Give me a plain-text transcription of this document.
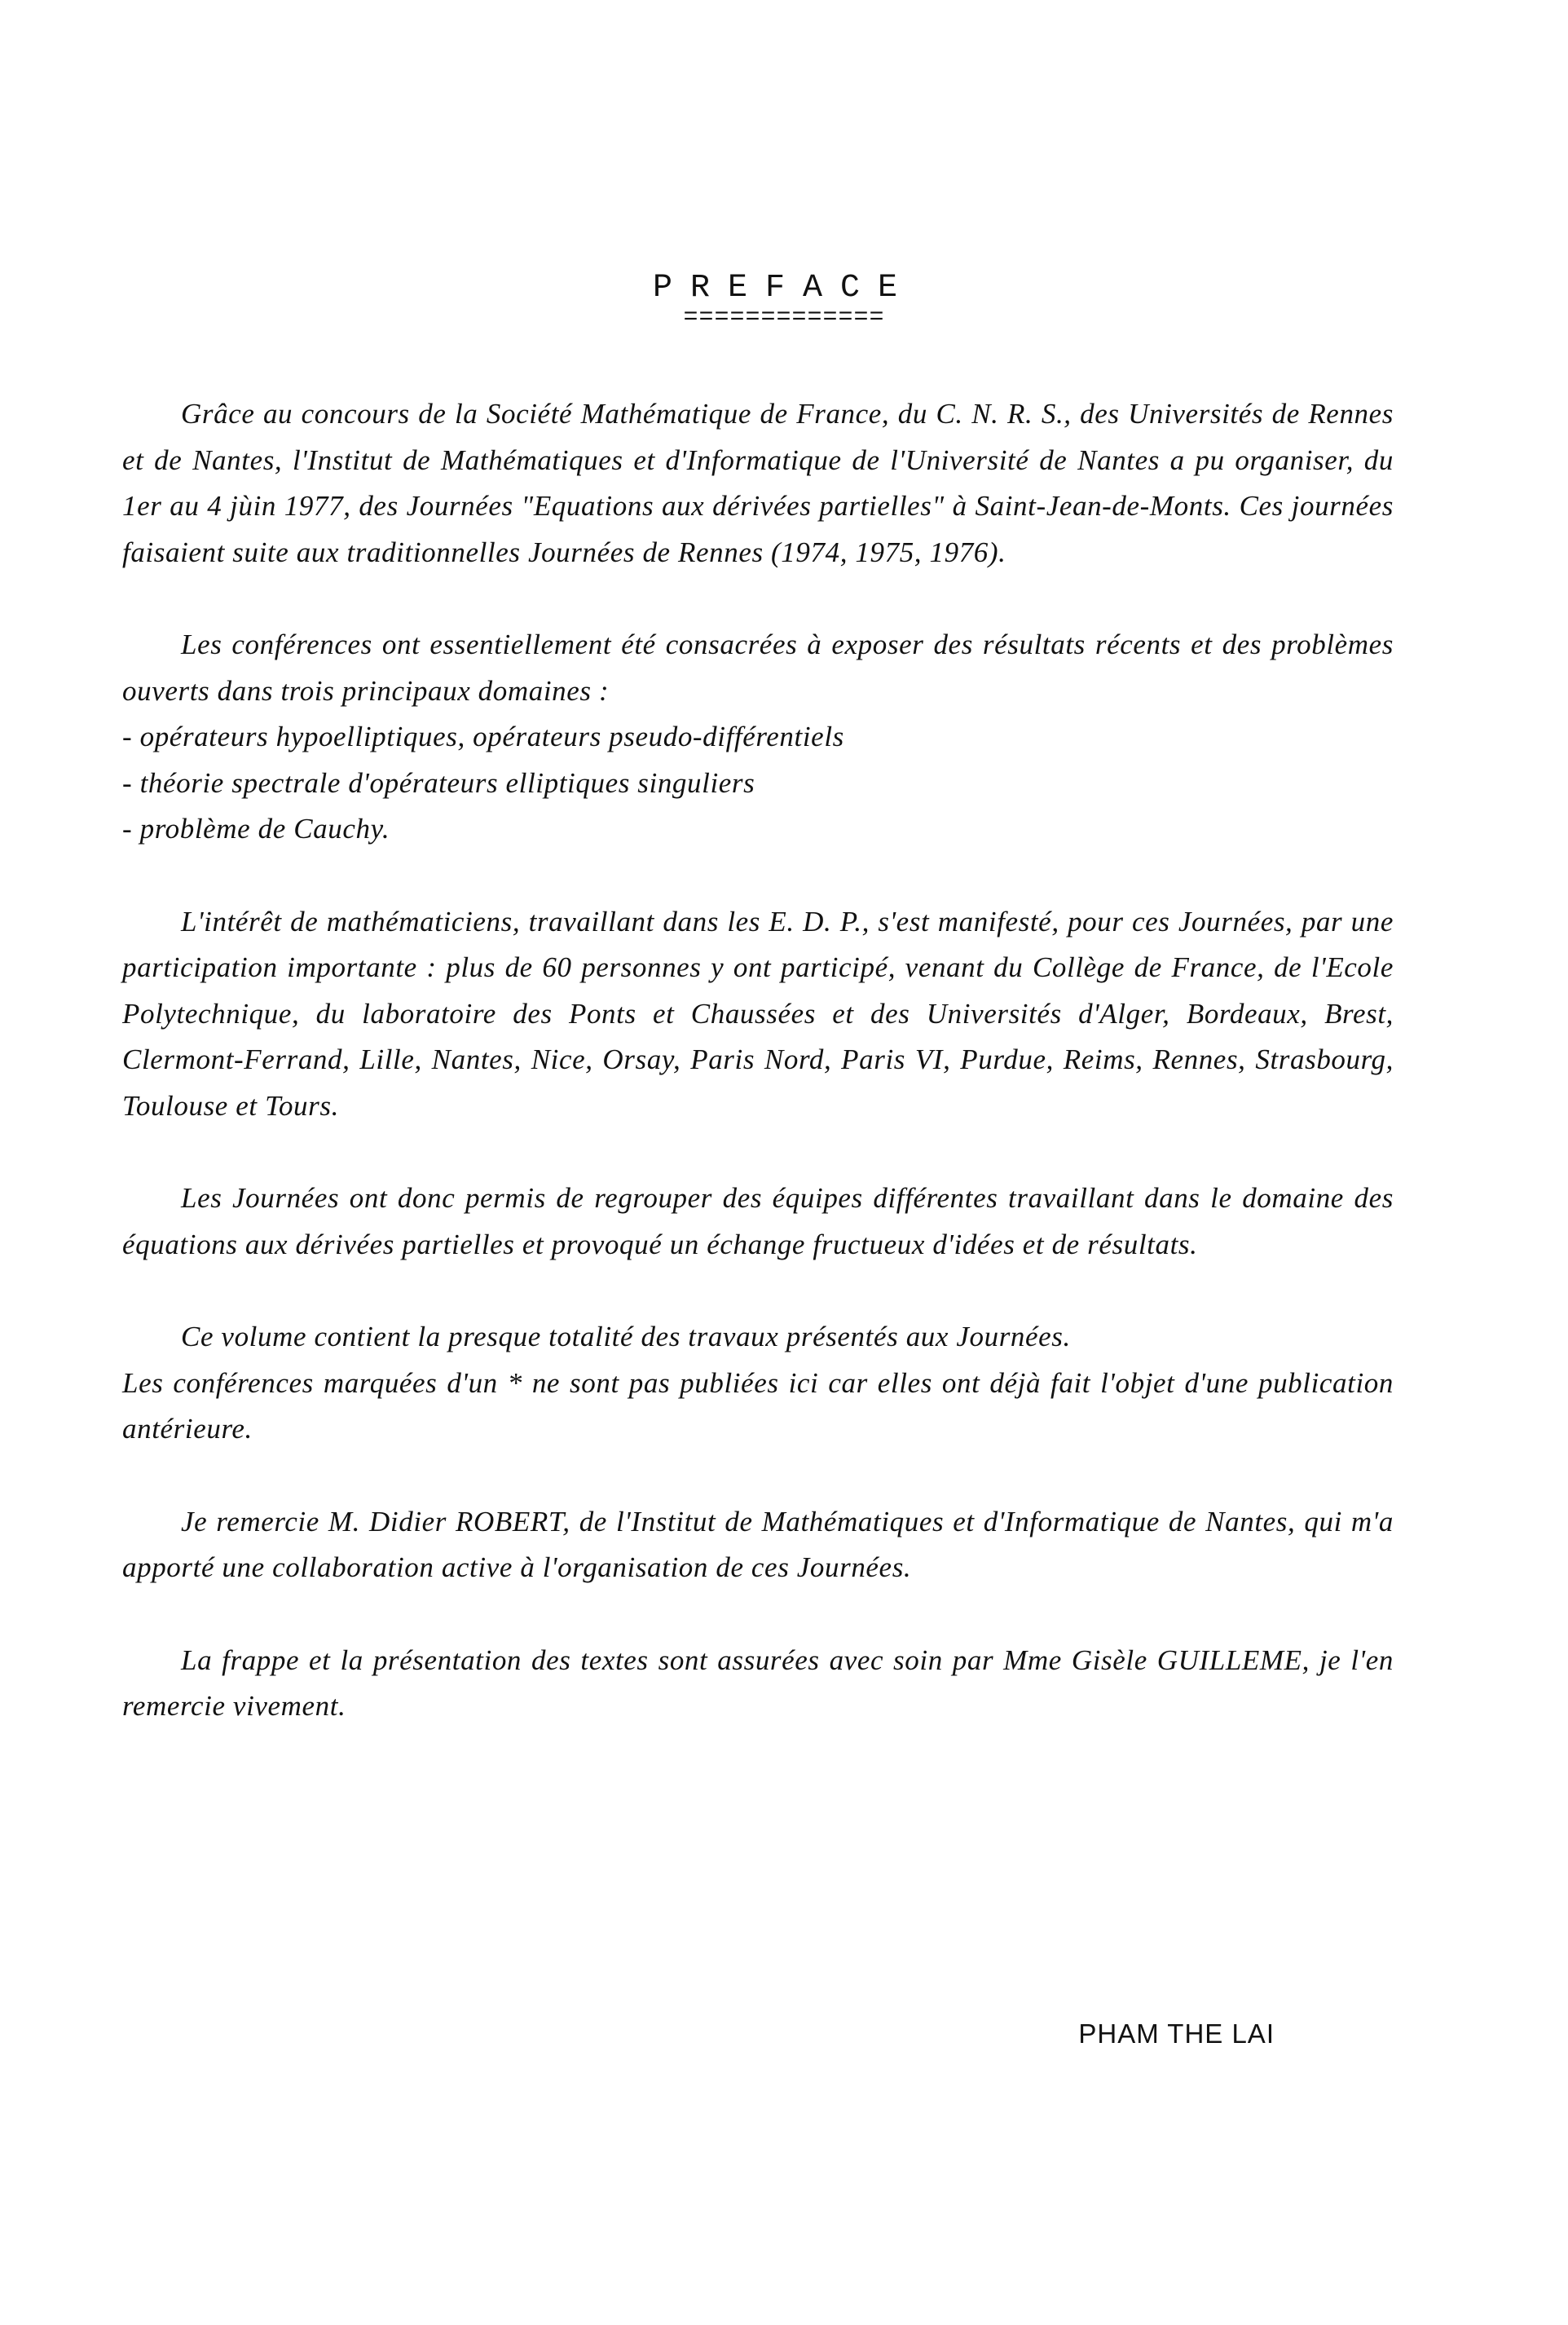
PREFACE
=============

Grâce au concours de la Société Mathématique de France, du C. N. R. S., des Universités de Rennes et de Nantes, l'Institut de Mathématiques et d'Informatique de l'Université de Nantes a pu organiser, du 1er au 4 jùin 1977, des Journées "Equations aux dérivées partielles" à Saint-Jean-de-Monts. Ces journées faisaient suite aux traditionnelles Journées de Rennes (1974, 1975, 1976).

Les conférences ont essentiellement été consacrées à exposer des résultats récents et des problèmes ouverts dans trois principaux domaines :
- opérateurs hypoelliptiques, opérateurs pseudo-différentiels
- théorie spectrale d'opérateurs elliptiques singuliers
- problème de Cauchy.

L'intérêt de mathématiciens, travaillant dans les E. D. P., s'est manifesté, pour ces Journées, par une participation importante : plus de 60 personnes y ont participé, venant du Collège de France, de l'Ecole Polytechnique, du laboratoire des Ponts et Chaussées et des Universités d'Alger, Bordeaux, Brest, Clermont-Ferrand, Lille, Nantes, Nice, Orsay, Paris Nord, Paris VI, Purdue, Reims, Rennes, Strasbourg, Toulouse et Tours.

Les Journées ont donc permis de regrouper des équipes différentes travaillant dans le domaine des équations aux dérivées partielles et provoqué un échange fructueux d'idées et de résultats.

Ce volume contient la presque totalité des travaux présentés aux Journées.
Les conférences marquées d'un * ne sont pas publiées ici car elles ont déjà fait l'objet d'une publication antérieure.

Je remercie M. Didier ROBERT, de l'Institut de Mathématiques et d'Informatique de Nantes, qui m'a apporté une collaboration active à l'organisation de ces Journées.

La frappe et la présentation des textes sont assurées avec soin par Mme Gisèle GUILLEME, je l'en remercie vivement.

PHAM THE LAI
